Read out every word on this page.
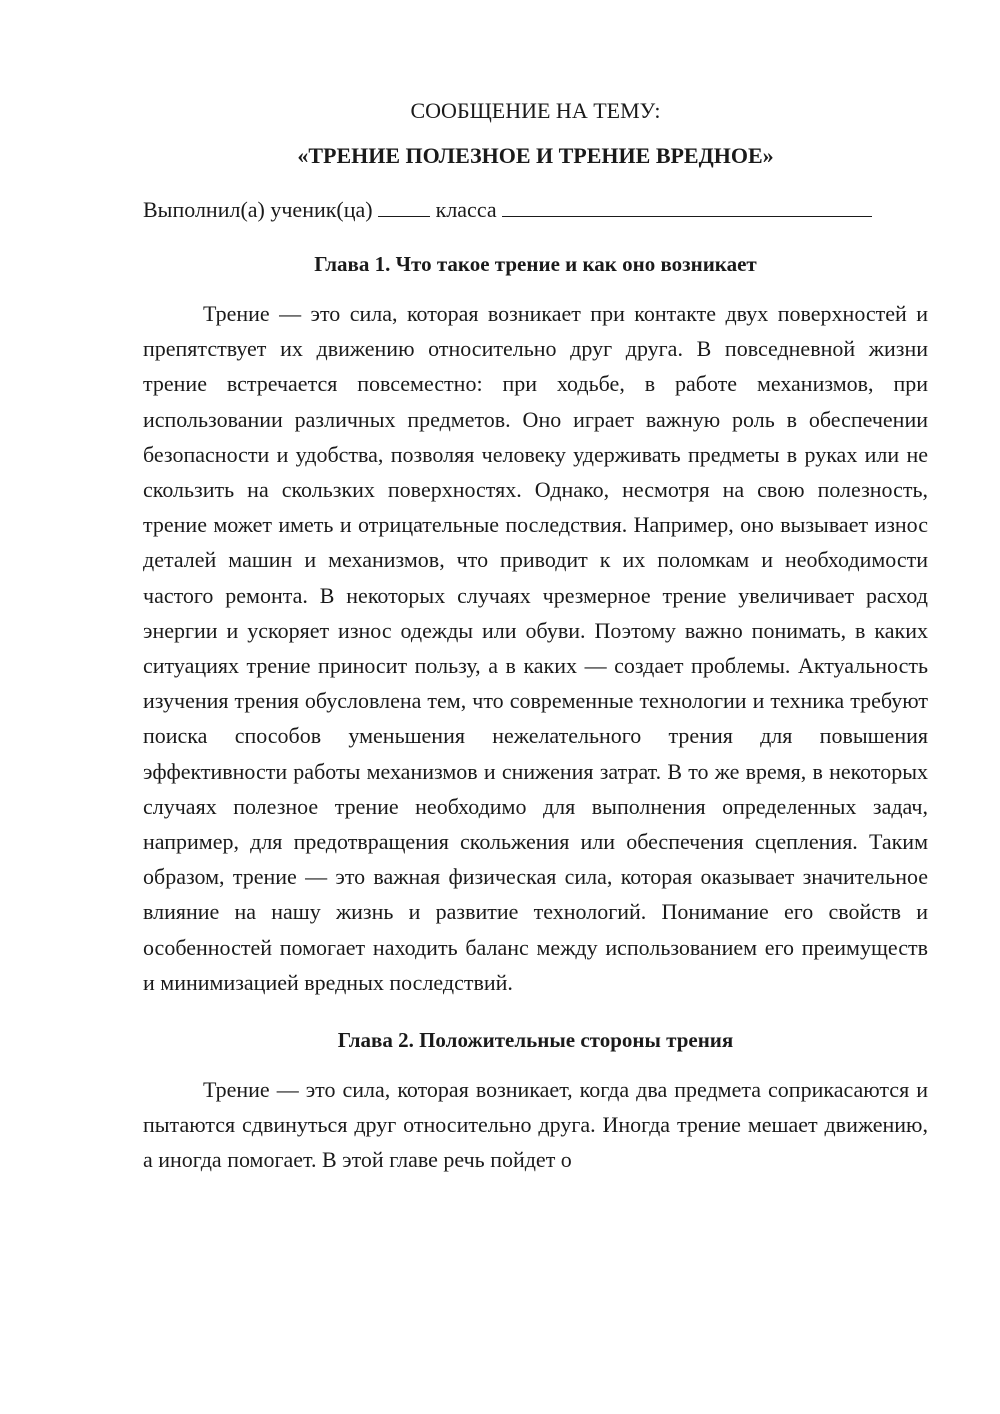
СООБЩЕНИЕ НА ТЕМУ:

«ТРЕНИЕ ПОЛЕЗНОЕ И ТРЕНИЕ ВРЕДНОЕ»

Выполнил(а) ученик(ца)	класса

Глава 1. Что такое трение и как оно возникает

Трение — это сила, которая возникает при контакте двух поверхностей и препятствует их движению относительно друг друга. В повседневной жизни трение встречается повсеместно: при ходьбе, в работе механизмов, при использовании различных предметов. Оно играет важную роль в обеспечении безопасности и удобства, позволяя человеку удерживать предметы в руках или не скользить на скользких поверхностях. Однако, несмотря на свою полезность, трение может иметь и отрицательные последствия. Например, оно вызывает износ деталей машин и механизмов, что приводит к их поломкам и необходимости частого ремонта. В некоторых случаях чрезмерное трение увеличивает расход энергии и ускоряет износ одежды или обуви. Поэтому важно понимать, в каких ситуациях трение приносит пользу, а в каких — создает проблемы. Актуальность изучения трения обусловлена тем, что современные технологии и техника требуют поиска способов уменьшения нежелательного трения для повышения эффективности работы механизмов и снижения затрат. В то же время, в некоторых случаях полезное трение необходимо для выполнения определенных задач, например, для предотвращения скольжения или обеспечения сцепления. Таким образом, трение — это важная физическая сила, которая оказывает значительное влияние на нашу жизнь и развитие технологий. Понимание его свойств и особенностей помогает находить баланс между использованием его преимуществ и минимизацией вредных последствий.

Глава 2. Положительные стороны трения

Трение — это сила, которая возникает, когда два предмета соприкасаются и пытаются сдвинуться друг относительно друга. Иногда трение мешает движению, а иногда помогает. В этой главе речь пойдет о
